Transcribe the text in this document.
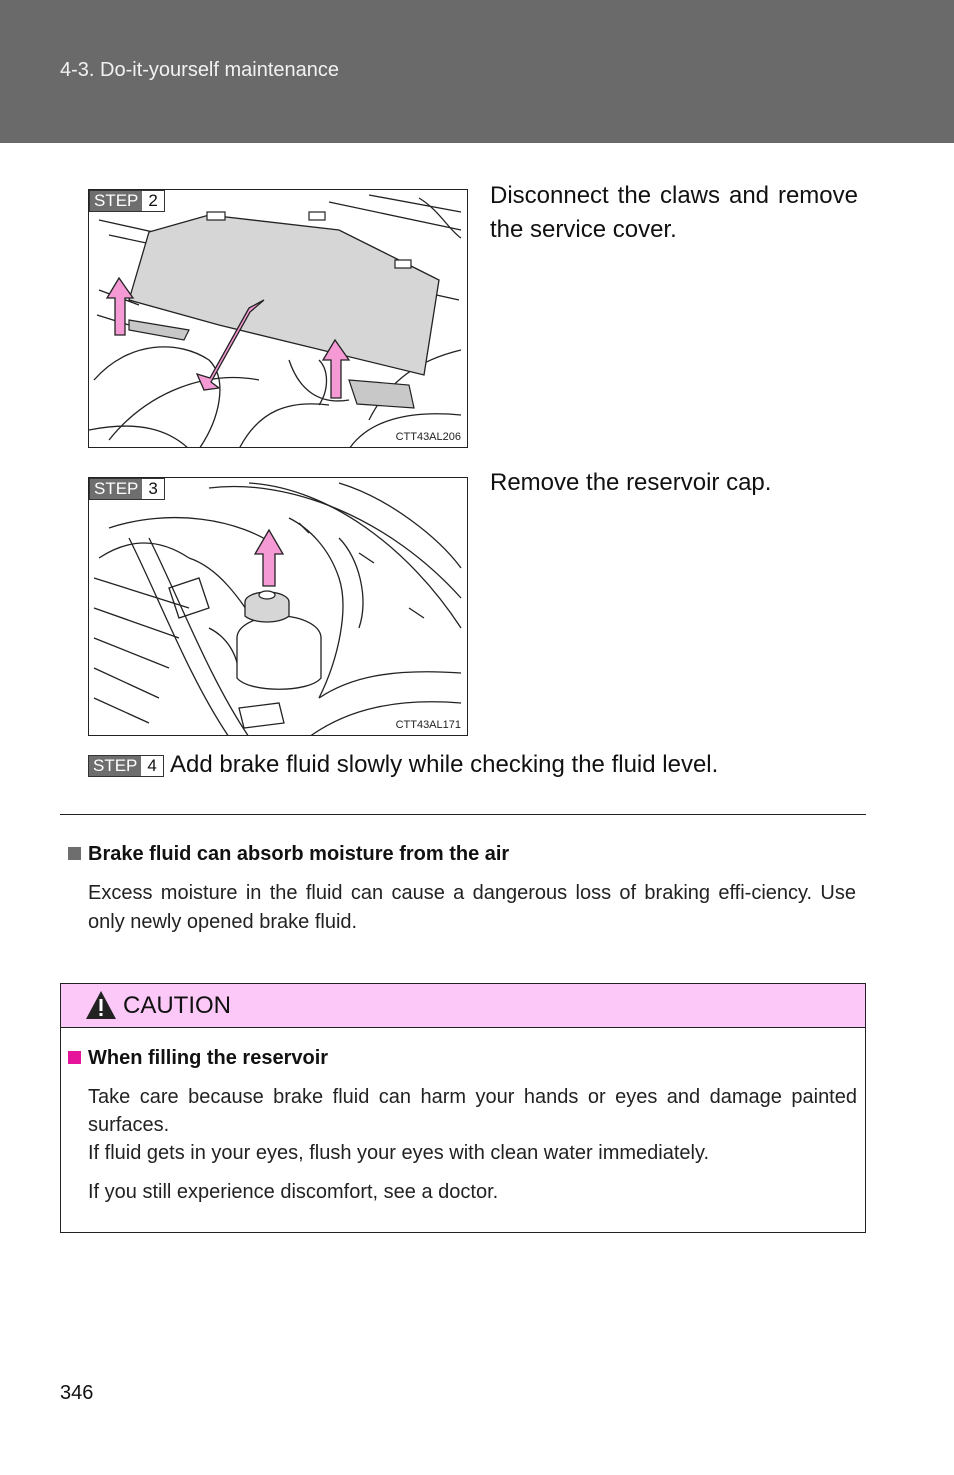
4-3. Do-it-yourself maintenance
STEP 2
CTT43AL206
Disconnect the claws and remove the service cover.
STEP 3
CTT43AL171
Remove the reservoir cap.
STEP 4 Add brake fluid slowly while checking the fluid level.
Brake fluid can absorb moisture from the air
Excess moisture in the fluid can cause a dangerous loss of braking effi-ciency. Use only newly opened brake fluid.
CAUTION
When filling the reservoir

Take care because brake fluid can harm your hands or eyes and damage painted surfaces.

If fluid gets in your eyes, flush your eyes with clean water immediately.

If you still experience discomfort, see a doctor.

346
